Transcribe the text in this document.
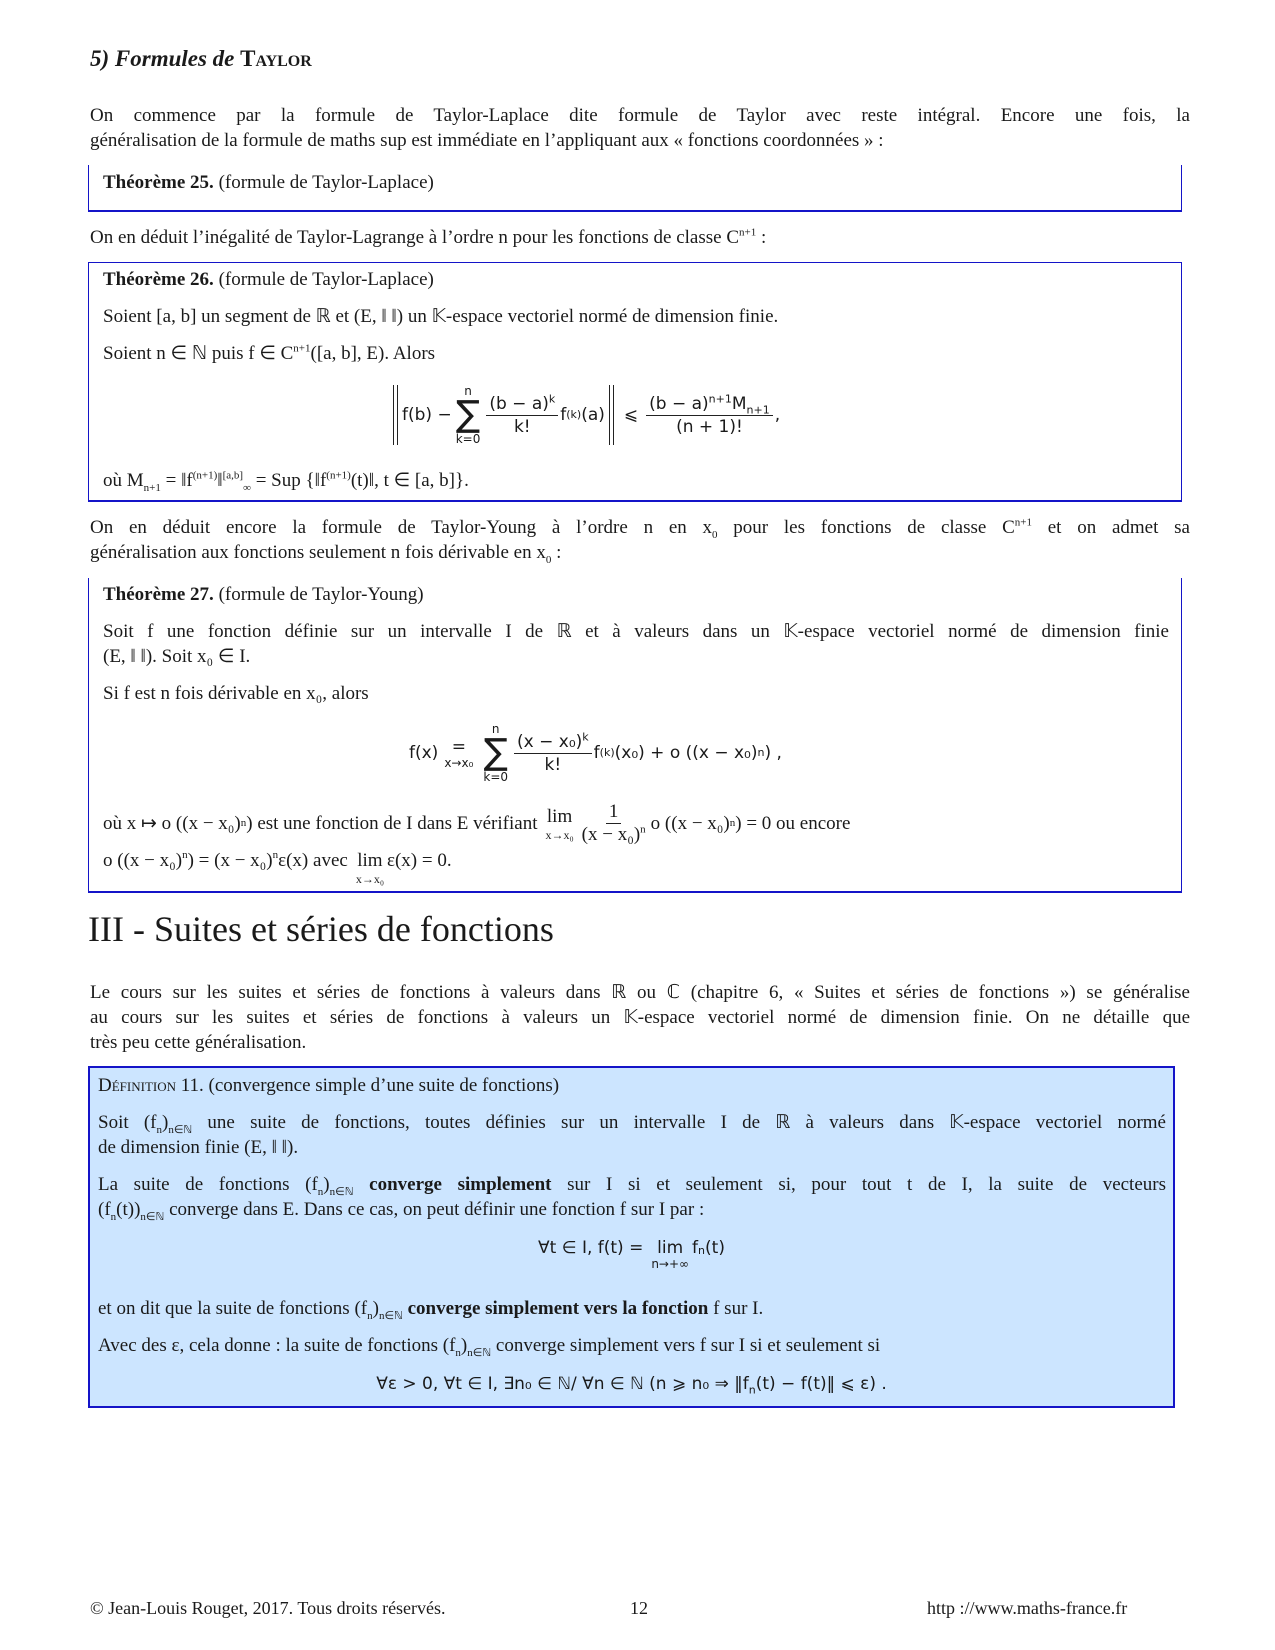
5) Formules de Taylor
On commence par la formule de Taylor-Laplace dite formule de Taylor avec reste intégral. Encore une fois, la
généralisation de la formule de maths sup est immédiate en l’appliquant aux « fonctions coordonnées » :
Théorème 25. (formule de Taylor-Laplace)
On en déduit l’inégalité de Taylor-Lagrange à l’ordre n pour les fonctions de classe $C^{n+1}$ :
Théorème 26. (formule de Taylor-Laplace)
Soient [a, b] un segment de ℝ et (E, ‖ ‖) un 𝕂-espace vectoriel normé de dimension finie.
Soient n ∈ ℕ puis f ∈ $C^{n+1}([a$, b], E). Alors
f(b) −
n
∑
k=0
$\frac{(b - a)^k}{k!}$ f (k) (a) ⩽ $\frac{(b - a)^{n+1}M_{n+1}}{(n + 1)!}$ ,
où $M_{n+1}$ = $‖f^{(n+1)}‖[a,b]_\infty$ = Sup {$‖f^{(n+1)}(t)‖$, t ∈ [a, b]}.
On en déduit encore la formule de Taylor-Young à l’ordre n en $x_0$ pour les fonctions de classe $C^{n+1}$ et on admet sa
généralisation aux fonctions seulement n fois dérivable en $x_0$ :
Théorème 27. (formule de Taylor-Young)
Soit f une fonction définie sur un intervalle I de ℝ et à valeurs dans un 𝕂-espace vectoriel normé de dimension finie
(E, ‖ ‖). Soit x₀ ∈ I.
Si f est n fois dérivable en x₀, alors
f(x) =
x→x₀
n
∑
k=0
$\frac{(x - x_0)^k}{k!}$ f (k) (x₀) + o ((x − x₀) n ) ,
où x ↦ o ((x − x₀) n ) est une fonction de I dans E vérifiant lim
$x\to x_0 \frac{1}{(x - x_0)^n}$ o ((x − x₀) n ) = 0 ou encore
o ($(x - x_0)^n$ ) = $(x - x_0)^n$ ε(x) avec lim
x→x₀
ε(x) = 0.
III - Suites et séries de fonctions
Le cours sur les suites et séries de fonctions à valeurs dans ℝ ou ℂ (chapitre 6, « Suites et séries de fonctions ») se généralise
au cours sur les suites et séries de fonctions à valeurs un 𝕂-espace vectoriel normé de dimension finie. On ne détaille que
très peu cette généralisation.
Définition 11. (convergence simple d’une suite de fonctions)
Soit $(f_n)_{n\in ℕ}$ une suite de fonctions, toutes définies sur un intervalle I de ℝ à valeurs dans 𝕂-espace vectoriel normé
de dimension finie (E, ‖ ‖).
La suite de fonctions $(f_n)_{n\in ℕ}$ converge simplement sur I si et seulement si, pour tout t de I, la suite de vecteurs
$(f_n(t))_{n\in ℕ}$ converge dans E. Dans ce cas, on peut définir une fonction f sur I par :
∀t ∈ I, f(t) = lim
n→+∞
f n (t)
et on dit que la suite de fonctions $(f_n)_{n\in ℕ}$ converge simplement vers la fonction f sur I.
Avec des ε, cela donne : la suite de fonctions $(f_n)_{n\in ℕ}$ converge simplement vers f sur I si et seulement si
∀ε > 0, ∀t ∈ I, ∃n₀ ∈ ℕ/ ∀n ∈ ℕ (n ⩾ n₀ ⇒ $‖f_n(t)$ − f(t)‖ ⩽ ε) .
© Jean-Louis Rouget, 2017. Tous droits réservés.	12	http ://www.maths-france.fr
